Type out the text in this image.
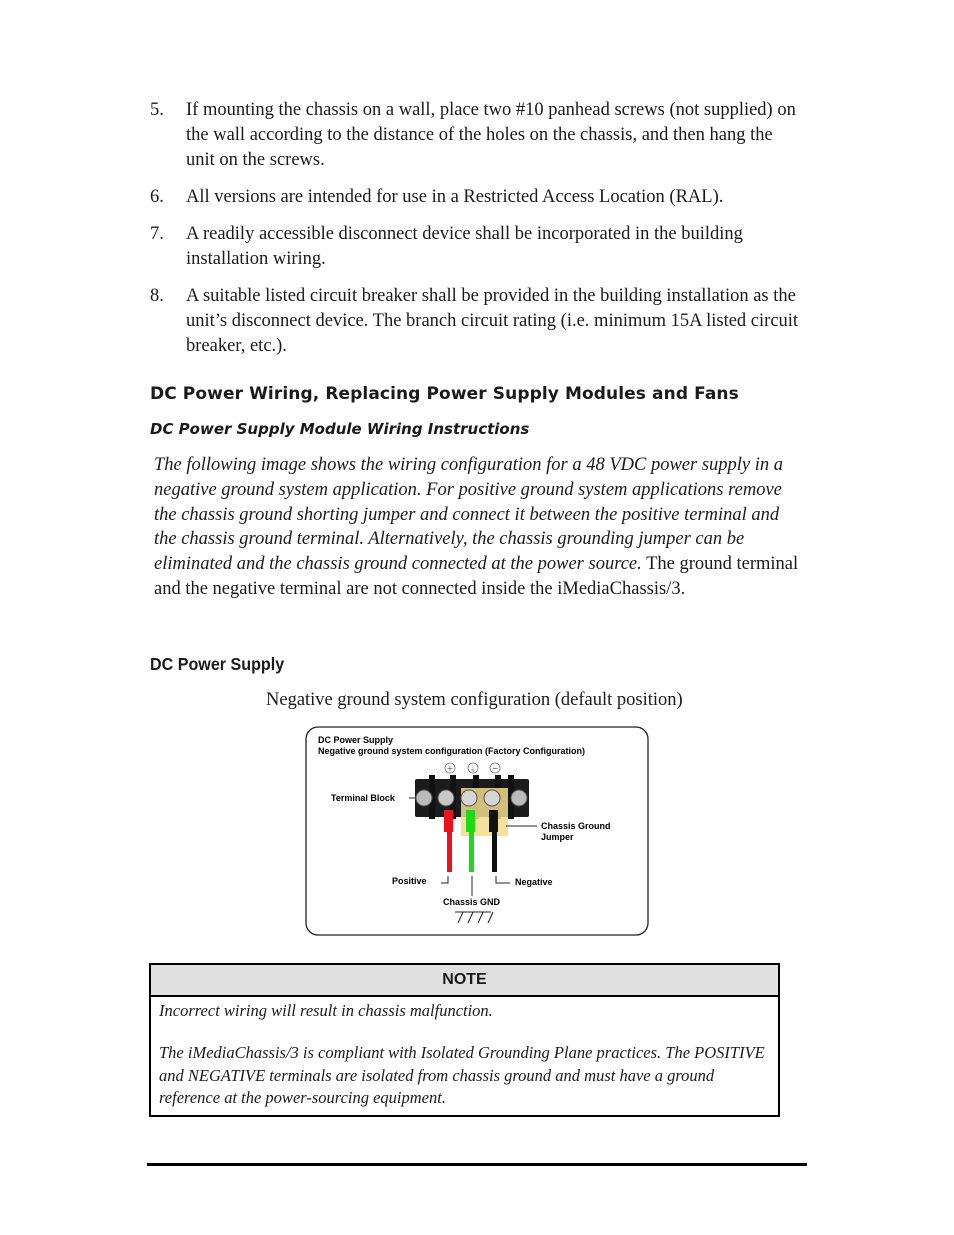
5. If mounting the chassis on a wall, place two #10 panhead screws (not supplied) on the wall according to the distance of the holes on the chassis, and then hang the unit on the screws.
6. All versions are intended for use in a Restricted Access Location (RAL).
7. A readily accessible disconnect device shall be incorporated in the building installation wiring.
8. A suitable listed circuit breaker shall be provided in the building installation as the unit’s disconnect device. The branch circuit rating (i.e. minimum 15A listed circuit breaker, etc.).
DC Power Wiring, Replacing Power Supply Modules and Fans
DC Power Supply Module Wiring Instructions
The following image shows the wiring configuration for a 48 VDC power supply in a negative ground system application. For positive ground system applications remove the chassis ground shorting jumper and connect it between the positive terminal and the chassis ground terminal. Alternatively, the chassis grounding jumper can be eliminated and the chassis ground connected at the power source. The ground terminal and the negative terminal are not connected inside the iMediaChassis/3.
DC Power Supply
Negative ground system configuration (default position)
DC Power Supply
Negative ground system configuration (Factory Configuration)
+ ⏚ −
Terminal Block
Chassis Ground
Jumper
Positive	Negative
Chassis GND
NOTE
Incorrect wiring will result in chassis malfunction.
The iMediaChassis/3 is compliant with Isolated Grounding Plane practices. The POSITIVE and NEGATIVE terminals are isolated from chassis ground and must have a ground reference at the power-sourcing equipment.
